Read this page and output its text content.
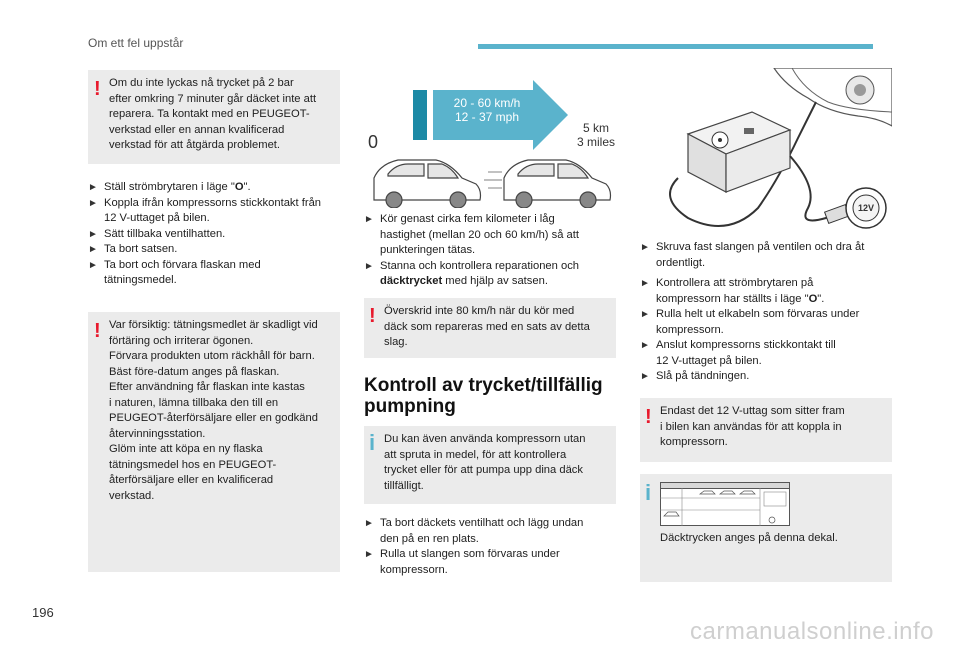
Om ett fel uppstår
! Om du inte lyckas nå trycket på 2 bar
efter omkring 7 minuter går däcket inte att
reparera. Ta kontakt med en PEUGEOT-
verkstad eller en annan kvalificerad
verkstad för att åtgärda problemet.
► Ställ strömbrytaren i läge "O".
► Koppla ifrån kompressorns stickkontakt från
12 V-uttaget på bilen.
► Sätt tillbaka ventilhatten.
► Ta bort satsen.
► Ta bort och förvara flaskan med
tätningsmedel.
! Var försiktig: tätningsmedlet är skadligt vid
förtäring och irriterar ögonen.
Förvara produkten utom räckhåll för barn.
Bäst före-datum anges på flaskan.
Efter användning får flaskan inte kastas
i naturen, lämna tillbaka den till en
PEUGEOT-återförsäljare eller en godkänd
återvinningsstation.
Glöm inte att köpa en ny flaska
tätningsmedel hos en PEUGEOT-
återförsäljare eller en kvalificerad
verkstad.
20 - 60 km/h
12 - 37 mph
0
5 km
3 miles
► Kör genast cirka fem kilometer i låg
hastighet (mellan 20 och 60 km/h) så att
punkteringen tätas.
► Stanna och kontrollera reparationen och
däcktrycket med hjälp av satsen.
! Överskrid inte 80 km/h när du kör med
däck som repareras med en sats av detta
slag.
Kontroll av trycket/tillfällig
pumpning
i Du kan även använda kompressorn utan
att spruta in medel, för att kontrollera
trycket eller för att pumpa upp dina däck
tillfälligt.
► Ta bort däckets ventilhatt och lägg undan
den på en ren plats.
► Rulla ut slangen som förvaras under
kompressorn.
12V
► Skruva fast slangen på ventilen och dra åt
ordentligt.
► Kontrollera att strömbrytaren på
kompressorn har ställts i läge "O".
► Rulla helt ut elkabeln som förvaras under
kompressorn.
► Anslut kompressorns stickkontakt till
12 V-uttaget på bilen.
► Slå på tändningen.
! Endast det 12 V-uttag som sitter fram
i bilen kan användas för att koppla in
kompressorn.
i
Däcktrycken anges på denna dekal.
196
carmanualsonline.info
